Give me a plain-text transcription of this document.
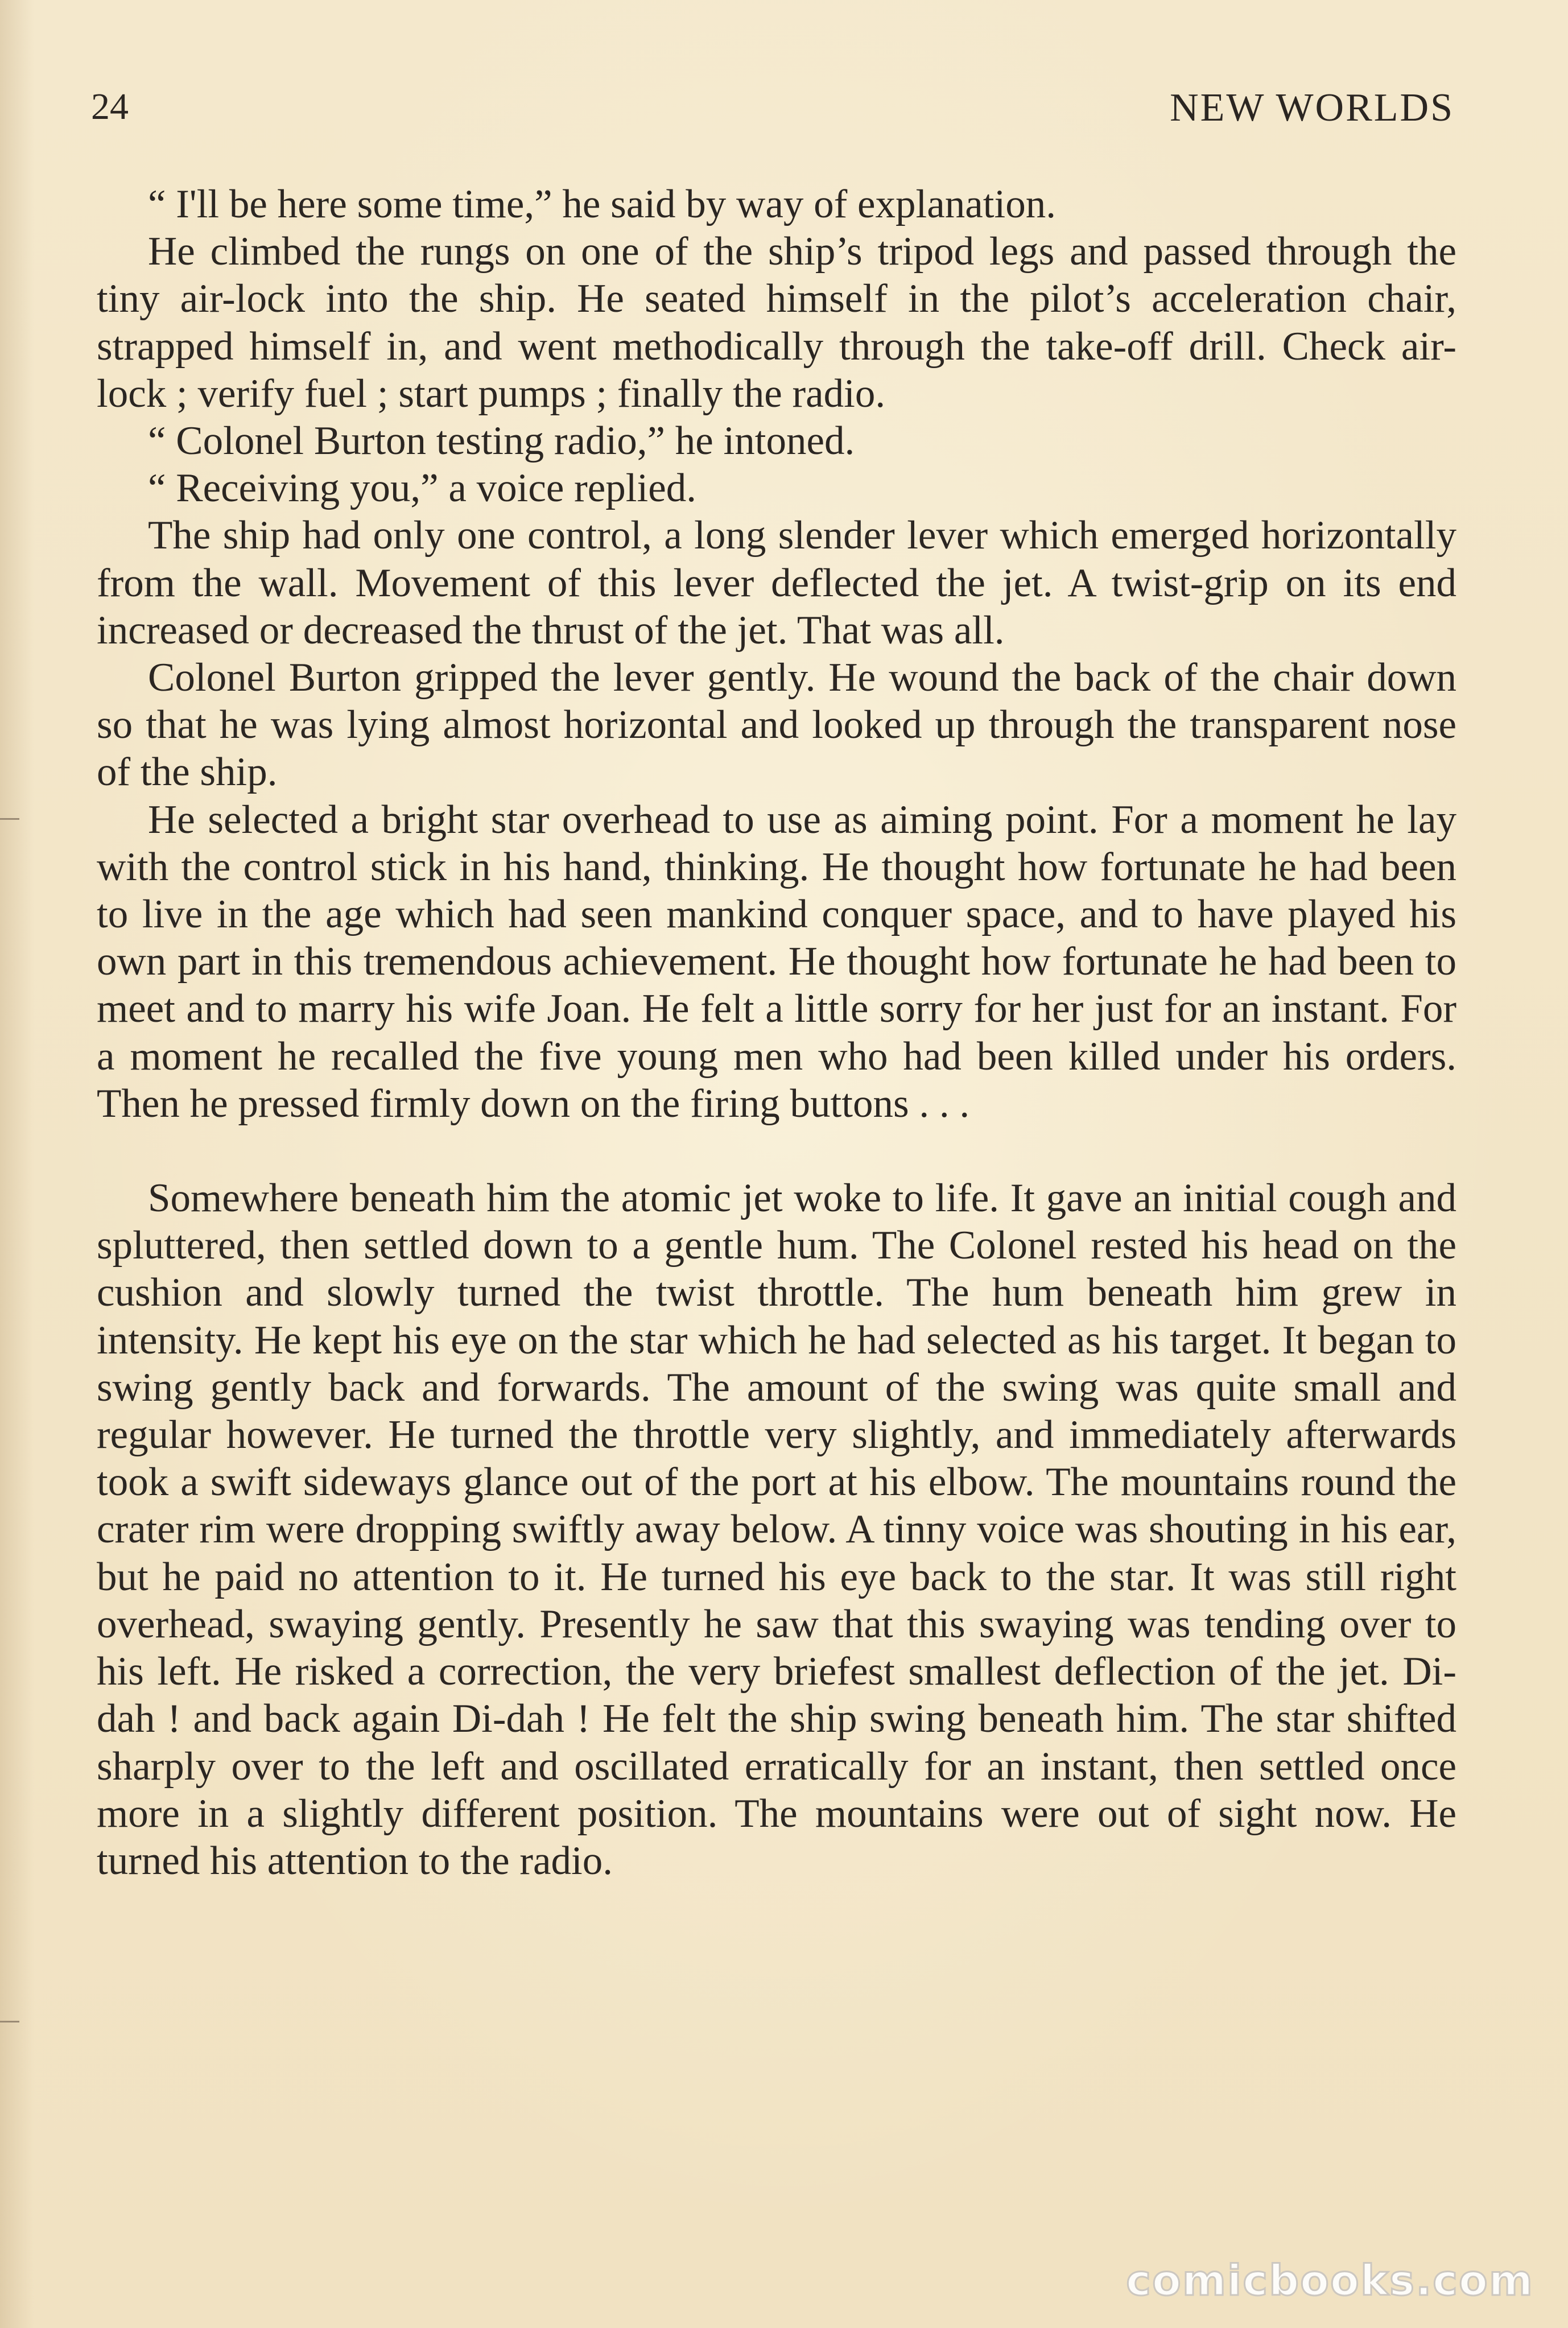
24	NEW WORLDS

“ I'll be here some time,” he said by way of explanation.

He climbed the rungs on one of the ship’s tripod legs and passed through the tiny air-lock into the ship. He seated himself in the pilot’s acceleration chair, strapped himself in, and went methodically through the take-off drill. Check air-lock ; verify fuel ; start pumps ; finally the radio.

“ Colonel Burton testing radio,” he intoned.

“ Receiving you,” a voice replied.

The ship had only one control, a long slender lever which emerged horizontally from the wall. Movement of this lever deflected the jet. A twist-grip on its end increased or decreased the thrust of the jet. That was all.

Colonel Burton gripped the lever gently. He wound the back of the chair down so that he was lying almost horizontal and looked up through the transparent nose of the ship.

He selected a bright star overhead to use as aiming point. For a moment he lay with the control stick in his hand, thinking. He thought how fortunate he had been to live in the age which had seen mankind conquer space, and to have played his own part in this tremendous achievement. He thought how fortunate he had been to meet and to marry his wife Joan. He felt a little sorry for her just for an instant. For a moment he recalled the five young men who had been killed under his orders. Then he pressed firmly down on the firing buttons . . .

Somewhere beneath him the atomic jet woke to life. It gave an initial cough and spluttered, then settled down to a gentle hum. The Colonel rested his head on the cushion and slowly turned the twist throttle. The hum beneath him grew in intensity. He kept his eye on the star which he had selected as his target. It began to swing gently back and forwards. The amount of the swing was quite small and regular however. He turned the throttle very slightly, and immediately afterwards took a swift sideways glance out of the port at his elbow. The mountains round the crater rim were dropping swiftly away below. A tinny voice was shouting in his ear, but he paid no attention to it. He turned his eye back to the star. It was still right overhead, swaying gently. Presently he saw that this swaying was tending over to his left. He risked a correction, the very briefest smallest deflection of the jet. Di-dah ! and back again Di-dah ! He felt the ship swing beneath him. The star shifted sharply over to the left and oscillated erratically for an instant, then settled once more in a slightly different position. The mountains were out of sight now. He turned his attention to the radio.

comicbooks.com
